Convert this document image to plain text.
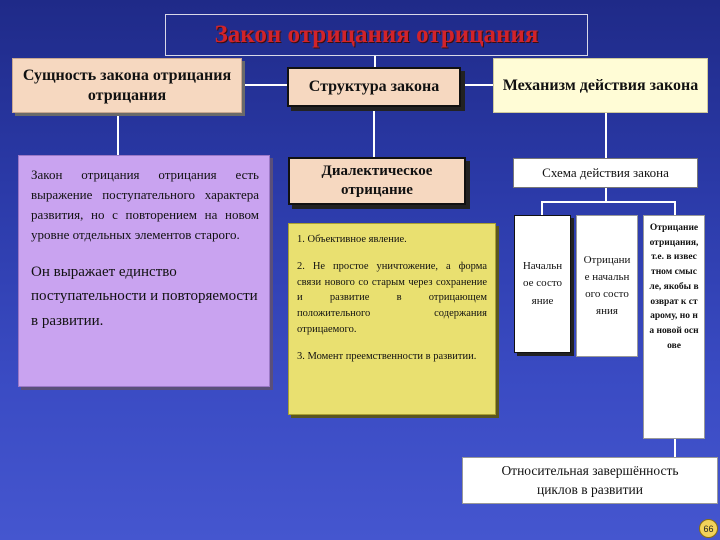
Закон отрицания отрицания
Сущность закона отрицания отрицания	Структура закона	Механизм действия закона

Закон отрицания отрицания есть выражение поступательного характера развития, но с повторением на новом уровне отдельных элементов старого.

Он выражает единство поступательности и повторяемости в развитии.

Диалектическое отрицание
1. Объективное явление.
2. Не простое уничтожение, а форма связи нового со старым через сохранение и развитие в отрицающем положительного содержания отрицаемого.
3. Момент преемственности в развитии.
Схема действия закона
Начальное состояние
Отрицание начального состояния
Отрицание отрицания, т.е. в известном смысле, якобы возврат к старому, но на новой основе
Относительная завершённость циклов в развитии
66
